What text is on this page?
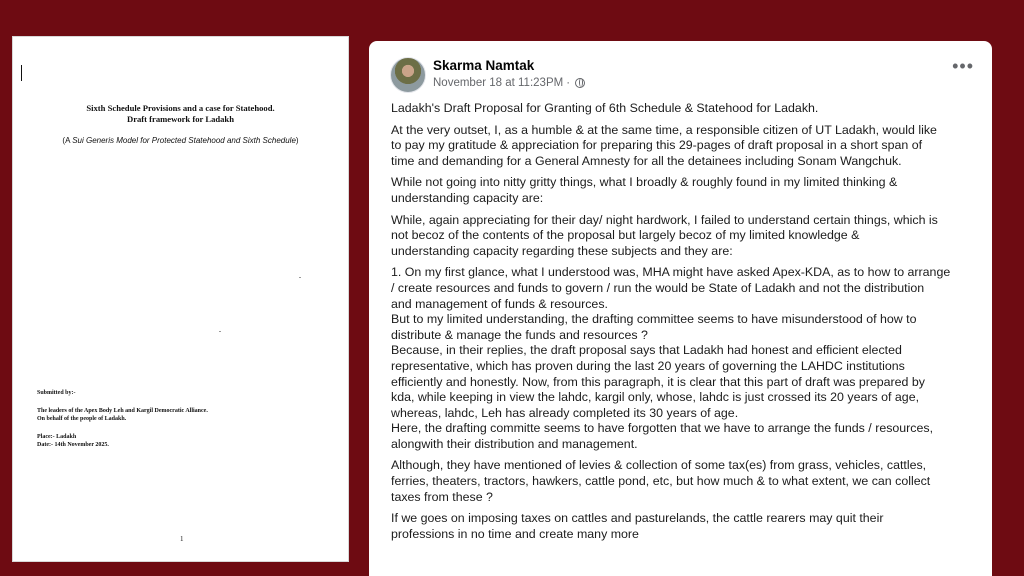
Sixth Schedule Provisions and a case for Statehood.
Draft framework for Ladakh
(A Sui Generis Model for Protected Statehood and Sixth Schedule)
Submitted by:-
The leaders of the Apex Body Leh and Kargil Democratic Alliance.
On behalf of the people of Ladakh.
Place:- Ladakh
Date:- 14th November 2025.
1
Skarma Namtak
November 18 at 11:23PM ·
•••

Ladakh's Draft Proposal for Granting of 6th Schedule & Statehood for Ladakh.

At the very outset, I, as a humble & at the same time, a responsible citizen of UT Ladakh, would like
to pay my gratitude & appreciation for preparing this 29-pages of draft proposal in a short span of
time and demanding for a General Amnesty for all the detainees including Sonam Wangchuk.

While not going into nitty gritty things, what I broadly & roughly found in my limited thinking &
understanding capacity are:

While, again appreciating for their day/ night hardwork, I failed to understand certain things, which is
not becoz of the contents of the proposal but largely becoz of my limited knowledge &
understanding capacity regarding these subjects and they are:

1. On my first glance, what I understood was, MHA might have asked Apex-KDA, as to how to arrange
/ create resources and funds to govern / run the would be State of Ladakh and not the distribution
and management of funds & resources.
But to my limited understanding, the drafting committee seems to have misunderstood of how to
distribute & manage the funds and resources ?
Because, in their replies, the draft proposal says that Ladakh had honest and efficient elected
representative, which has proven during the last 20 years of governing the LAHDC institutions
efficiently and honestly. Now, from this paragraph, it is clear that this part of draft was prepared by
kda, while keeping in view the lahdc, kargil only, whose, lahdc is just crossed its 20 years of age,
whereas, lahdc, Leh has already completed its 30 years of age.
Here, the drafting committe seems to have forgotten that we have to arrange the funds / resources,
alongwith their distribution and management.

Although, they have mentioned of levies & collection of some tax(es) from grass, vehicles, cattles,
ferries, theaters, tractors, hawkers, cattle pond, etc, but how much & to what extent, we can collect
taxes from these ?

If we goes on imposing taxes on cattles and pasturelands, the cattle rearers may quit their
professions in no time and create many more
